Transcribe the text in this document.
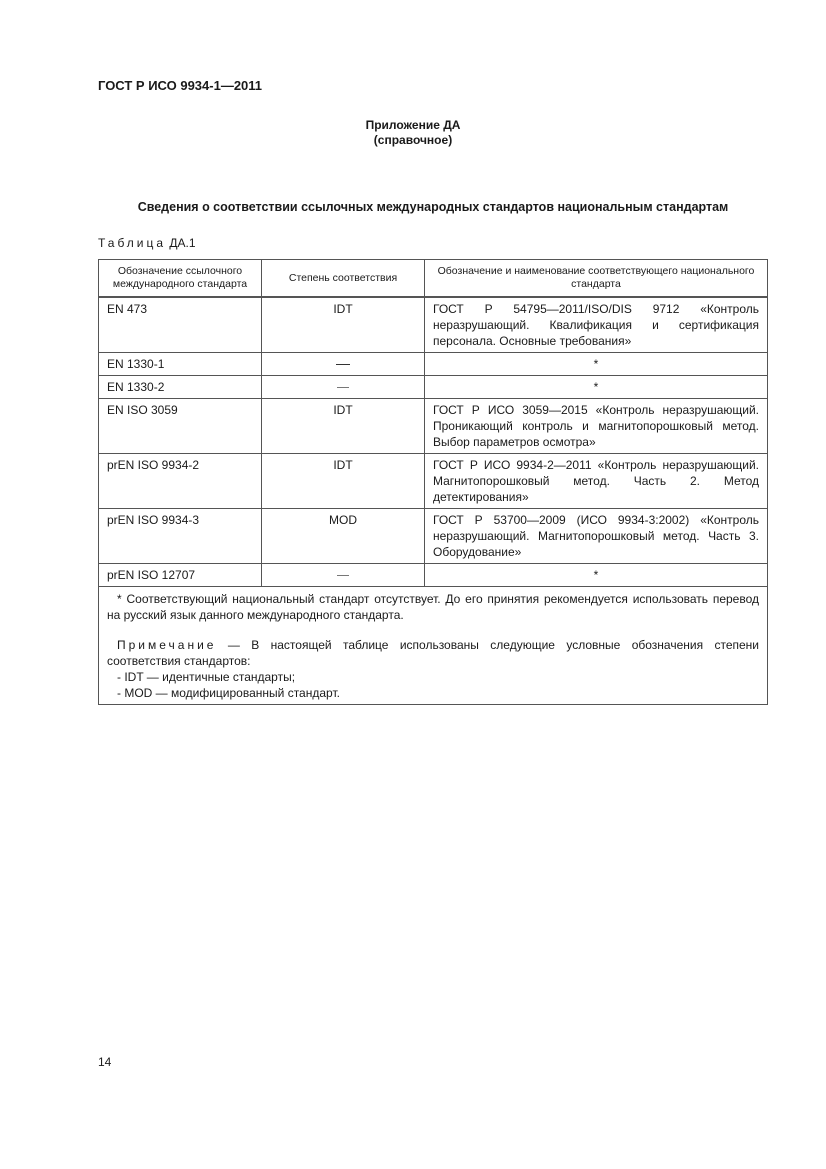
ГОСТ Р ИСО 9934-1—2011
Приложение ДА
(справочное)
Сведения о соответствии ссылочных международных стандартов национальным стандартам
Таблица ДА.1
Обозначение ссылочного международного стандарта	Степень соответствия	Обозначение и наименование соответствующего национального стандарта
EN 473	IDT	ГОСТ Р 54795—2011/ISO/DIS 9712 «Контроль неразрушающий. Квалификация и сертификация персонала. Основные требования»
EN 1330-1		*
EN 1330-2		*
EN ISO 3059	IDT	ГОСТ Р ИСО 3059—2015 «Контроль неразрушающий. Проникающий контроль и магнитопорошковый метод. Выбор параметров осмотра»
prEN ISO 9934-2	IDT	ГОСТ Р ИСО 9934-2—2011 «Контроль неразрушающий. Магнитопорошковый метод. Часть 2. Метод детектирования»
prEN ISO 9934-3	MOD	ГОСТ Р 53700—2009 (ИСО 9934-3:2002) «Контроль неразрушающий. Магнитопорошковый метод. Часть 3. Оборудование»
prEN ISO 12707		*

* Соответствующий национальный стандарт отсутствует. До его принятия рекомендуется использовать перевод на русский язык данного международного стандарта.

Примечание — В настоящей таблице использованы следующие условные обозначения степени соответствия стандартов:

- IDT — идентичные стандарты;

- MOD — модифицированный стандарт.		

14
